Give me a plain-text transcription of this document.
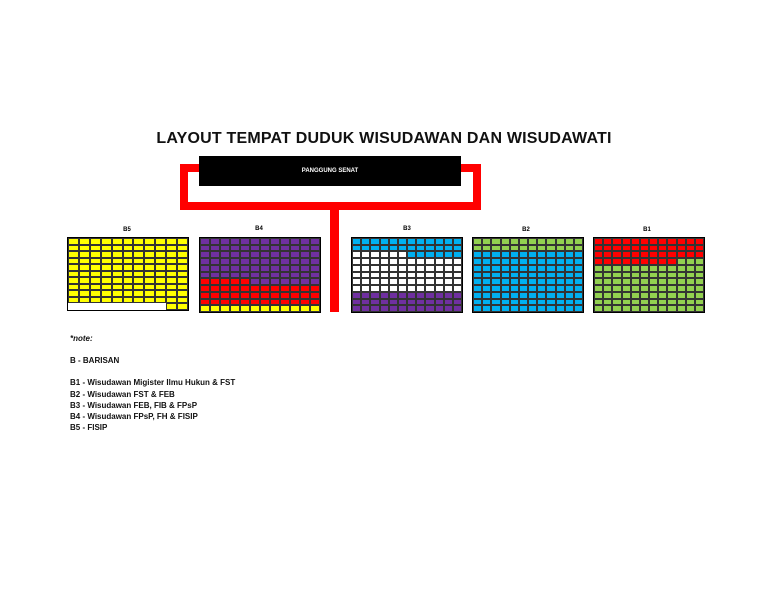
LAYOUT TEMPAT DUDUK WISUDAWAN DAN WISUDAWATI
PANGGUNG SENAT
B5	B4	B3	B2	B1
*note:
B - BARISAN
B1 - Wisudawan Migister Ilmu Hukun & FST
B2 - Wisudawan FST & FEB
B3 - Wisudawan FEB, FIB & FPsP
B4 - Wisudawan FPsP, FH & FISIP
B5 - FISIP
